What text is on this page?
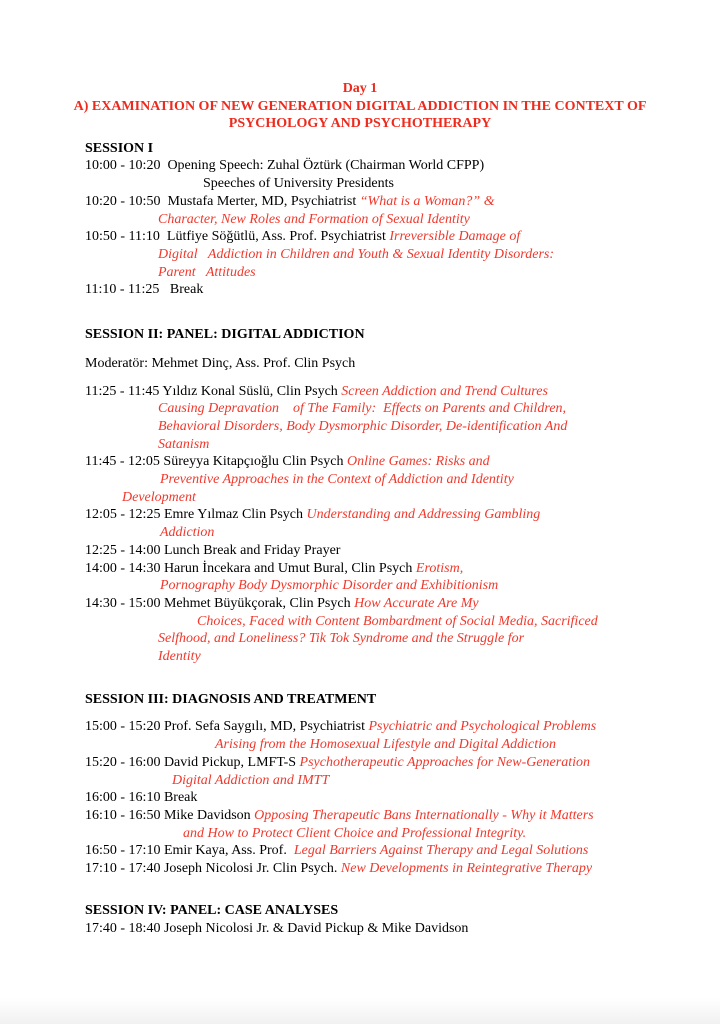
Day 1
A) EXAMINATION OF NEW GENERATION DIGITAL ADDICTION IN THE CONTEXT OF
PSYCHOLOGY AND PSYCHOTHERAPY
SESSION I
10:00 - 10:20  Opening Speech: Zuhal Öztürk (Chairman World CFPP)
Speeches of University Presidents
10:20 - 10:50  Mustafa Merter, MD, Psychiatrist “What is a Woman?” &
Character, New Roles and Formation of Sexual Identity
10:50 - 11:10  Lütfiye Söğütlü, Ass. Prof. Psychiatrist Irreversible Damage of
Digital   Addiction in Children and Youth & Sexual Identity Disorders:
Parent   Attitudes
11:10 - 11:25   Break
SESSION II: PANEL: DIGITAL ADDICTION
Moderatör: Mehmet Dinç, Ass. Prof. Clin Psych
11:25 - 11:45 Yıldız Konal Süslü, Clin Psych Screen Addiction and Trend Cultures
Causing Depravation    of The Family:  Effects on Parents and Children,
Behavioral Disorders, Body Dysmorphic Disorder, De-identification And
Satanism
11:45 - 12:05 Süreyya Kitapçıoğlu Clin Psych Online Games: Risks and
Preventive Approaches in the Context of Addiction and Identity
Development
12:05 - 12:25 Emre Yılmaz Clin Psych Understanding and Addressing Gambling
Addiction
12:25 - 14:00 Lunch Break and Friday Prayer
14:00 - 14:30 Harun İncekara and Umut Bural, Clin Psych Erotism,
Pornography Body Dysmorphic Disorder and Exhibitionism
14:30 - 15:00 Mehmet Büyükçorak, Clin Psych How Accurate Are My
Choices, Faced with Content Bombardment of Social Media, Sacrificed
Selfhood, and Loneliness? Tik Tok Syndrome and the Struggle for
Identity
SESSION III: DIAGNOSIS AND TREATMENT
15:00 - 15:20 Prof. Sefa Saygılı, MD, Psychiatrist Psychiatric and Psychological Problems
Arising from the Homosexual Lifestyle and Digital Addiction
15:20 - 16:00 David Pickup, LMFT-S Psychotherapeutic Approaches for New-Generation
Digital Addiction and IMTT
16:00 - 16:10 Break
16:10 - 16:50 Mike Davidson Opposing Therapeutic Bans Internationally - Why it Matters
and How to Protect Client Choice and Professional Integrity.
16:50 - 17:10 Emir Kaya, Ass. Prof.  Legal Barriers Against Therapy and Legal Solutions
17:10 - 17:40 Joseph Nicolosi Jr. Clin Psych. New Developments in Reintegrative Therapy
SESSION IV: PANEL: CASE ANALYSES
17:40 - 18:40 Joseph Nicolosi Jr. & David Pickup & Mike Davidson
